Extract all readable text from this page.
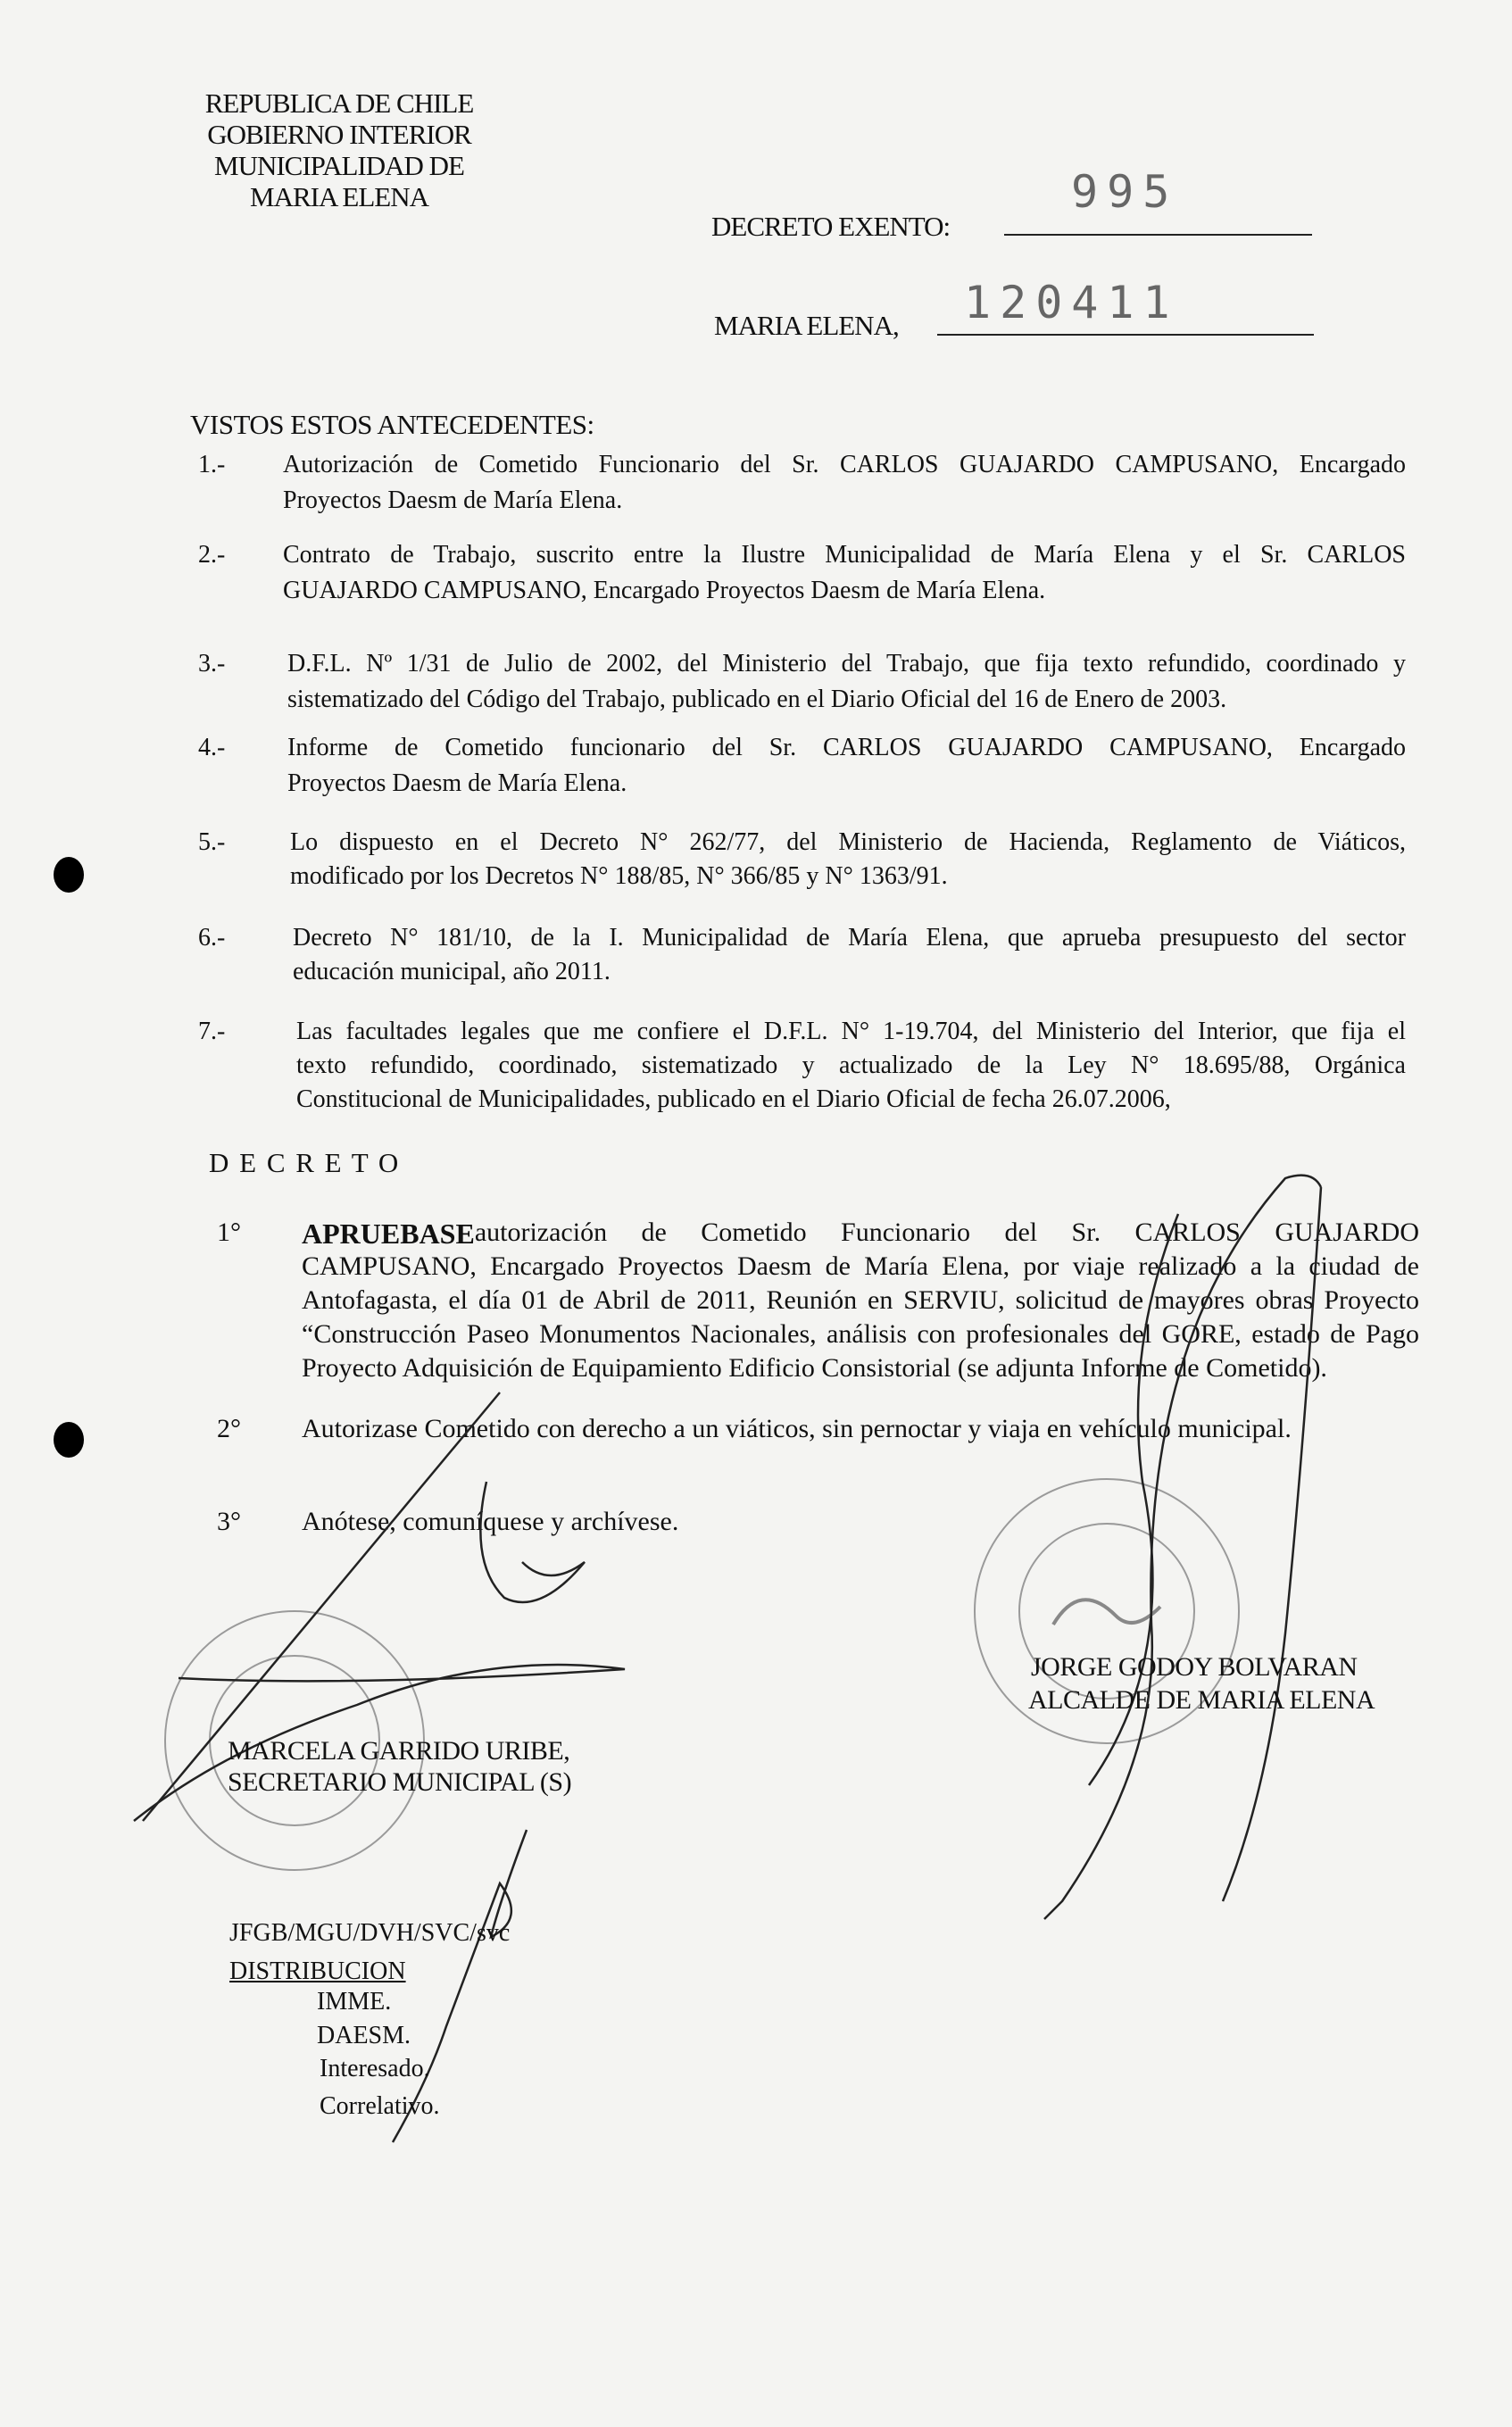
REPUBLICA DE CHILE
GOBIERNO INTERIOR
MUNICIPALIDAD DE
MARIA ELENA
DECRETO EXENTO:
995
MARIA ELENA, 120411
VISTOS ESTOS ANTECEDENTES:
1.- Autorización de Cometido Funcionario del Sr. CARLOS GUAJARDO CAMPUSANO, Encargado
Proyectos Daesm de María Elena.
2.- Contrato de Trabajo, suscrito entre la Ilustre Municipalidad de María Elena y el Sr. CARLOS
GUAJARDO CAMPUSANO, Encargado Proyectos Daesm de María Elena.
3.- D.F.L. Nº 1/31 de Julio de 2002, del Ministerio del Trabajo, que fija texto refundido, coordinado y
sistematizado del Código del Trabajo, publicado en el Diario Oficial del 16 de Enero de 2003.
4.- Informe de Cometido funcionario del Sr. CARLOS GUAJARDO CAMPUSANO, Encargado
Proyectos Daesm de María Elena.
5.-	Lo dispuesto en el Decreto N° 262/77, del Ministerio de Hacienda, Reglamento de Viáticos,
modificado por los Decretos N° 188/85, N° 366/85 y N° 1363/91.
6.-	Decreto N° 181/10, de la I. Municipalidad de María Elena, que aprueba presupuesto del sector
educación municipal, año 2011.
7.-	Las facultades legales que me confiere el D.F.L. N° 1-19.704, del Ministerio del Interior, que fija el
texto refundido, coordinado, sistematizado y actualizado de la Ley N° 18.695/88, Orgánica
Constitucional de Municipalidades, publicado en el Diario Oficial de fecha 26.07.2006,
D E C R E T O
1° APRUEBASE autorización de Cometido Funcionario del Sr. CARLOS GUAJARDO
CAMPUSANO, Encargado Proyectos Daesm de María Elena, por viaje realizado a la ciudad de
Antofagasta, el día 01 de Abril de 2011, Reunión en SERVIU, solicitud de mayores obras Proyecto
“Construcción Paseo Monumentos Nacionales, análisis con profesionales del GORE, estado de Pago
Proyecto Adquisición de Equipamiento Edificio Consistorial (se adjunta Informe de Cometido).
2° Autorizase Cometido con derecho a un viáticos, sin pernoctar y viaja en vehículo municipal.
3° Anótese, comuníquese y archívese.
MARCELA GARRIDO URIBE,
SECRETARIO MUNICIPAL (S)
JORGE GODOY BOLVARAN
ALCALDE DE MARIA ELENA
JFGB/MGU/DVH/SVC/svc
DISTRIBUCION
IMME.
DAESM.
Interesado.
Correlativo.
